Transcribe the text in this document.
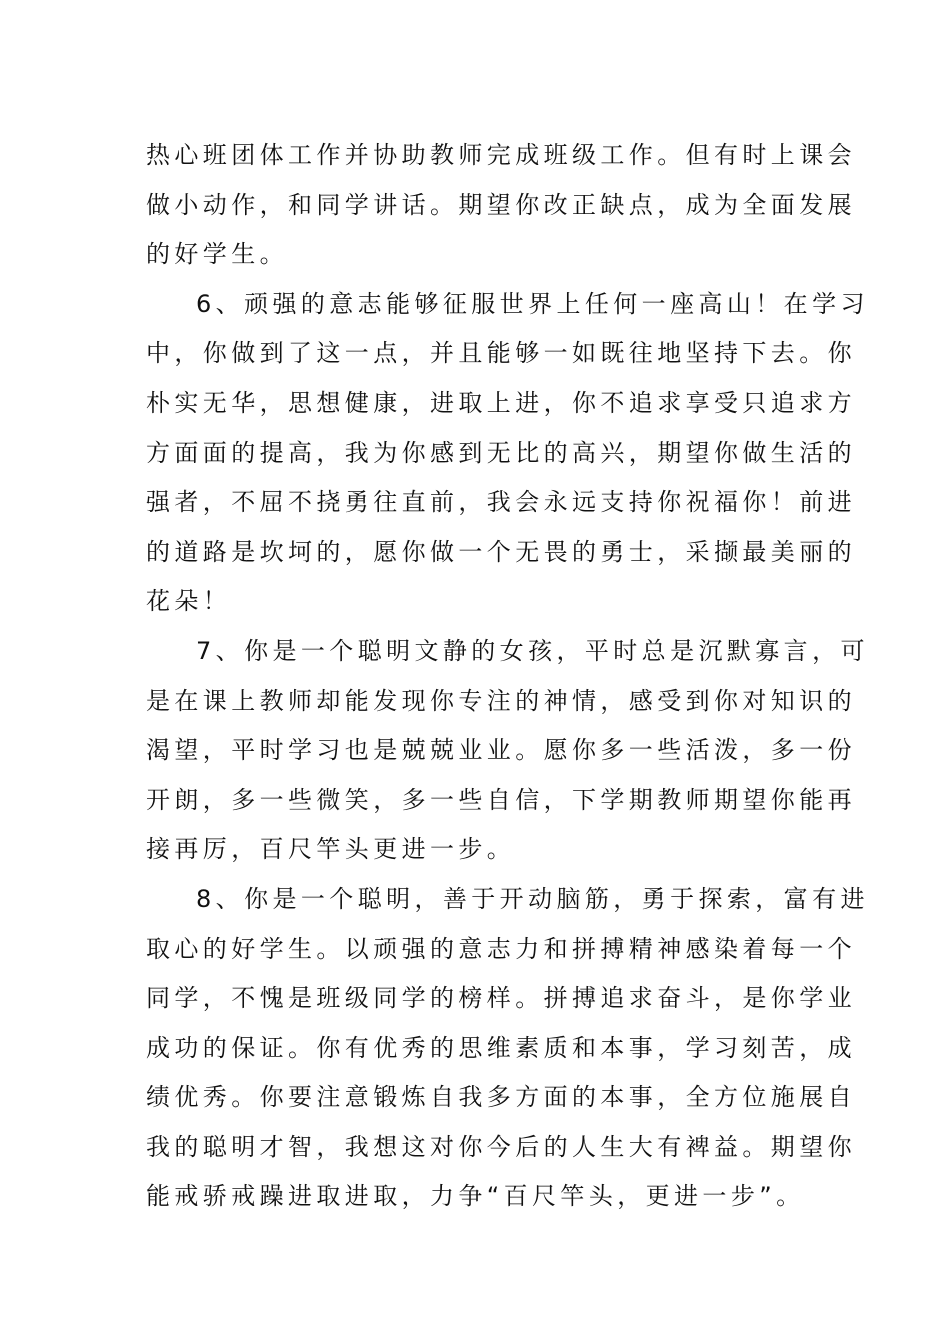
热心班团体工作并协助教师完成班级工作。但有时上课会
做小动作，和同学讲话。期望你改正缺点，成为全面发展
的好学生。
6、顽强的意志能够征服世界上任何一座高山！在学习
中，你做到了这一点，并且能够一如既往地坚持下去。你
朴实无华，思想健康，进取上进，你不追求享受只追求方
方面面的提高，我为你感到无比的高兴，期望你做生活的
强者，不屈不挠勇往直前，我会永远支持你祝福你！前进
的道路是坎坷的，愿你做一个无畏的勇士，采撷最美丽的
花朵！
7、你是一个聪明文静的女孩，平时总是沉默寡言，可
是在课上教师却能发现你专注的神情，感受到你对知识的
渴望，平时学习也是兢兢业业。愿你多一些活泼，多一份
开朗，多一些微笑，多一些自信，下学期教师期望你能再
接再厉，百尺竿头更进一步。
8、你是一个聪明，善于开动脑筋，勇于探索，富有进
取心的好学生。以顽强的意志力和拼搏精神感染着每一个
同学，不愧是班级同学的榜样。拼搏追求奋斗，是你学业
成功的保证。你有优秀的思维素质和本事，学习刻苦，成
绩优秀。你要注意锻炼自我多方面的本事，全方位施展自
我的聪明才智，我想这对你今后的人生大有裨益。期望你
能戒骄戒躁进取进取，力争“百尺竿头，更进一步”。
